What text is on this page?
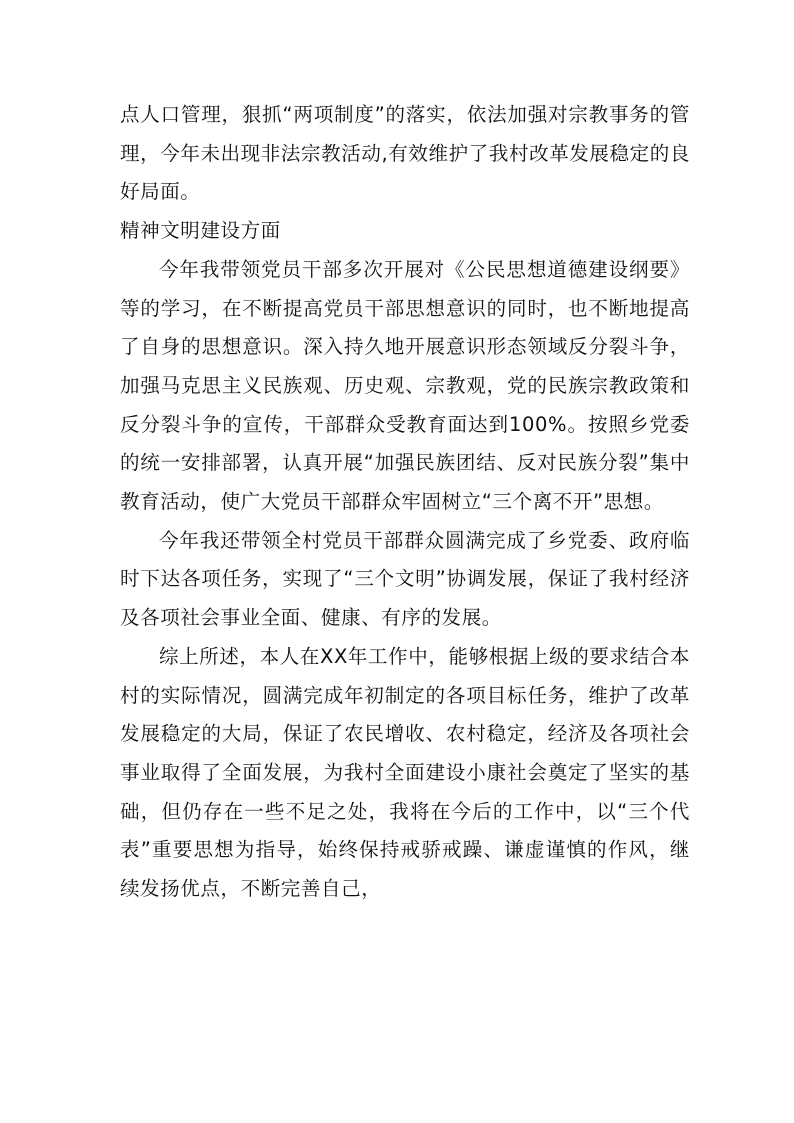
点人口管理，狠抓“两项制度”的落实，依法加强对宗教事务的管理，今年未出现非法宗教活动,有效维护了我村改革发展稳定的良好局面。

精神文明建设方面

今年我带领党员干部多次开展对《公民思想道德建设纲要》等的学习，在不断提高党员干部思想意识的同时，也不断地提高了自身的思想意识。深入持久地开展意识形态领域反分裂斗争，加强马克思主义民族观、历史观、宗教观，党的民族宗教政策和反分裂斗争的宣传，干部群众受教育面达到100%。按照乡党委的统一安排部署，认真开展“加强民族团结、反对民族分裂”集中教育活动，使广大党员干部群众牢固树立“三个离不开”思想。

今年我还带领全村党员干部群众圆满完成了乡党委、政府临时下达各项任务，实现了“三个文明”协调发展，保证了我村经济及各项社会事业全面、健康、有序的发展。

综上所述，本人在XX年工作中，能够根据上级的要求结合本村的实际情况，圆满完成年初制定的各项目标任务，维护了改革发展稳定的大局，保证了农民增收、农村稳定，经济及各项社会事业取得了全面发展，为我村全面建设小康社会奠定了坚实的基础，但仍存在一些不足之处，我将在今后的工作中，以“三个代表”重要思想为指导，始终保持戒骄戒躁、谦虚谨慎的作风，继续发扬优点，不断完善自己，
